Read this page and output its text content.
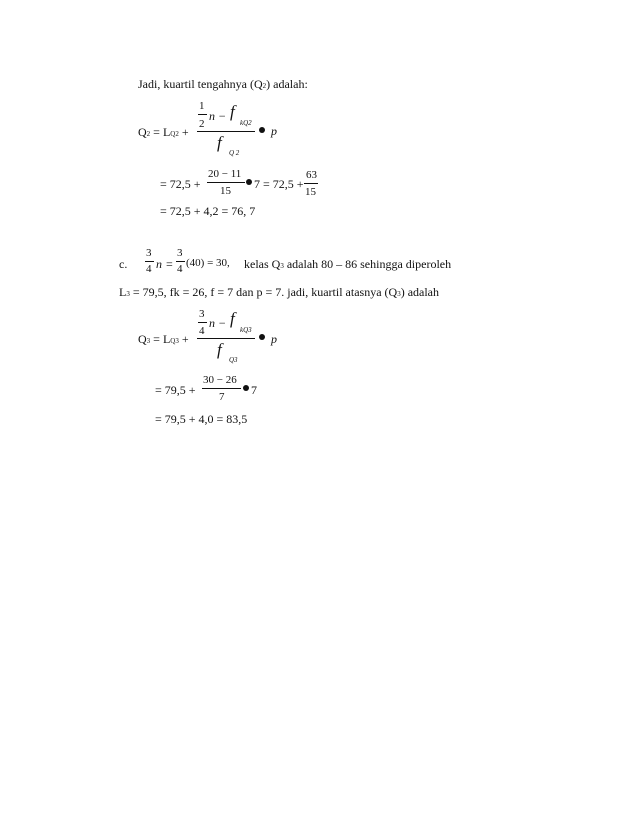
Jadi, kuartil tengahnya (Q2) adalah:
Q2 = LQ2 +
1
2
n − f
kQ2
f
Q 2
p
= 72,5 +
20 − 11
15 7 = 72,5 +
63
15
= 72,5 + 4,2 = 76, 7
c.
3
4 n =
3
4 (40) = 30, kelas Q3 adalah 80 – 86 sehingga diperoleh
L3 = 79,5, fk = 26, f = 7 dan p = 7. jadi, kuartil atasnya (Q3) adalah
Q3 = LQ3 +
3
4
n − f
kQ3
f
Q3
p
= 79,5 +
30 − 26
7 7
= 79,5 + 4,0 = 83,5
